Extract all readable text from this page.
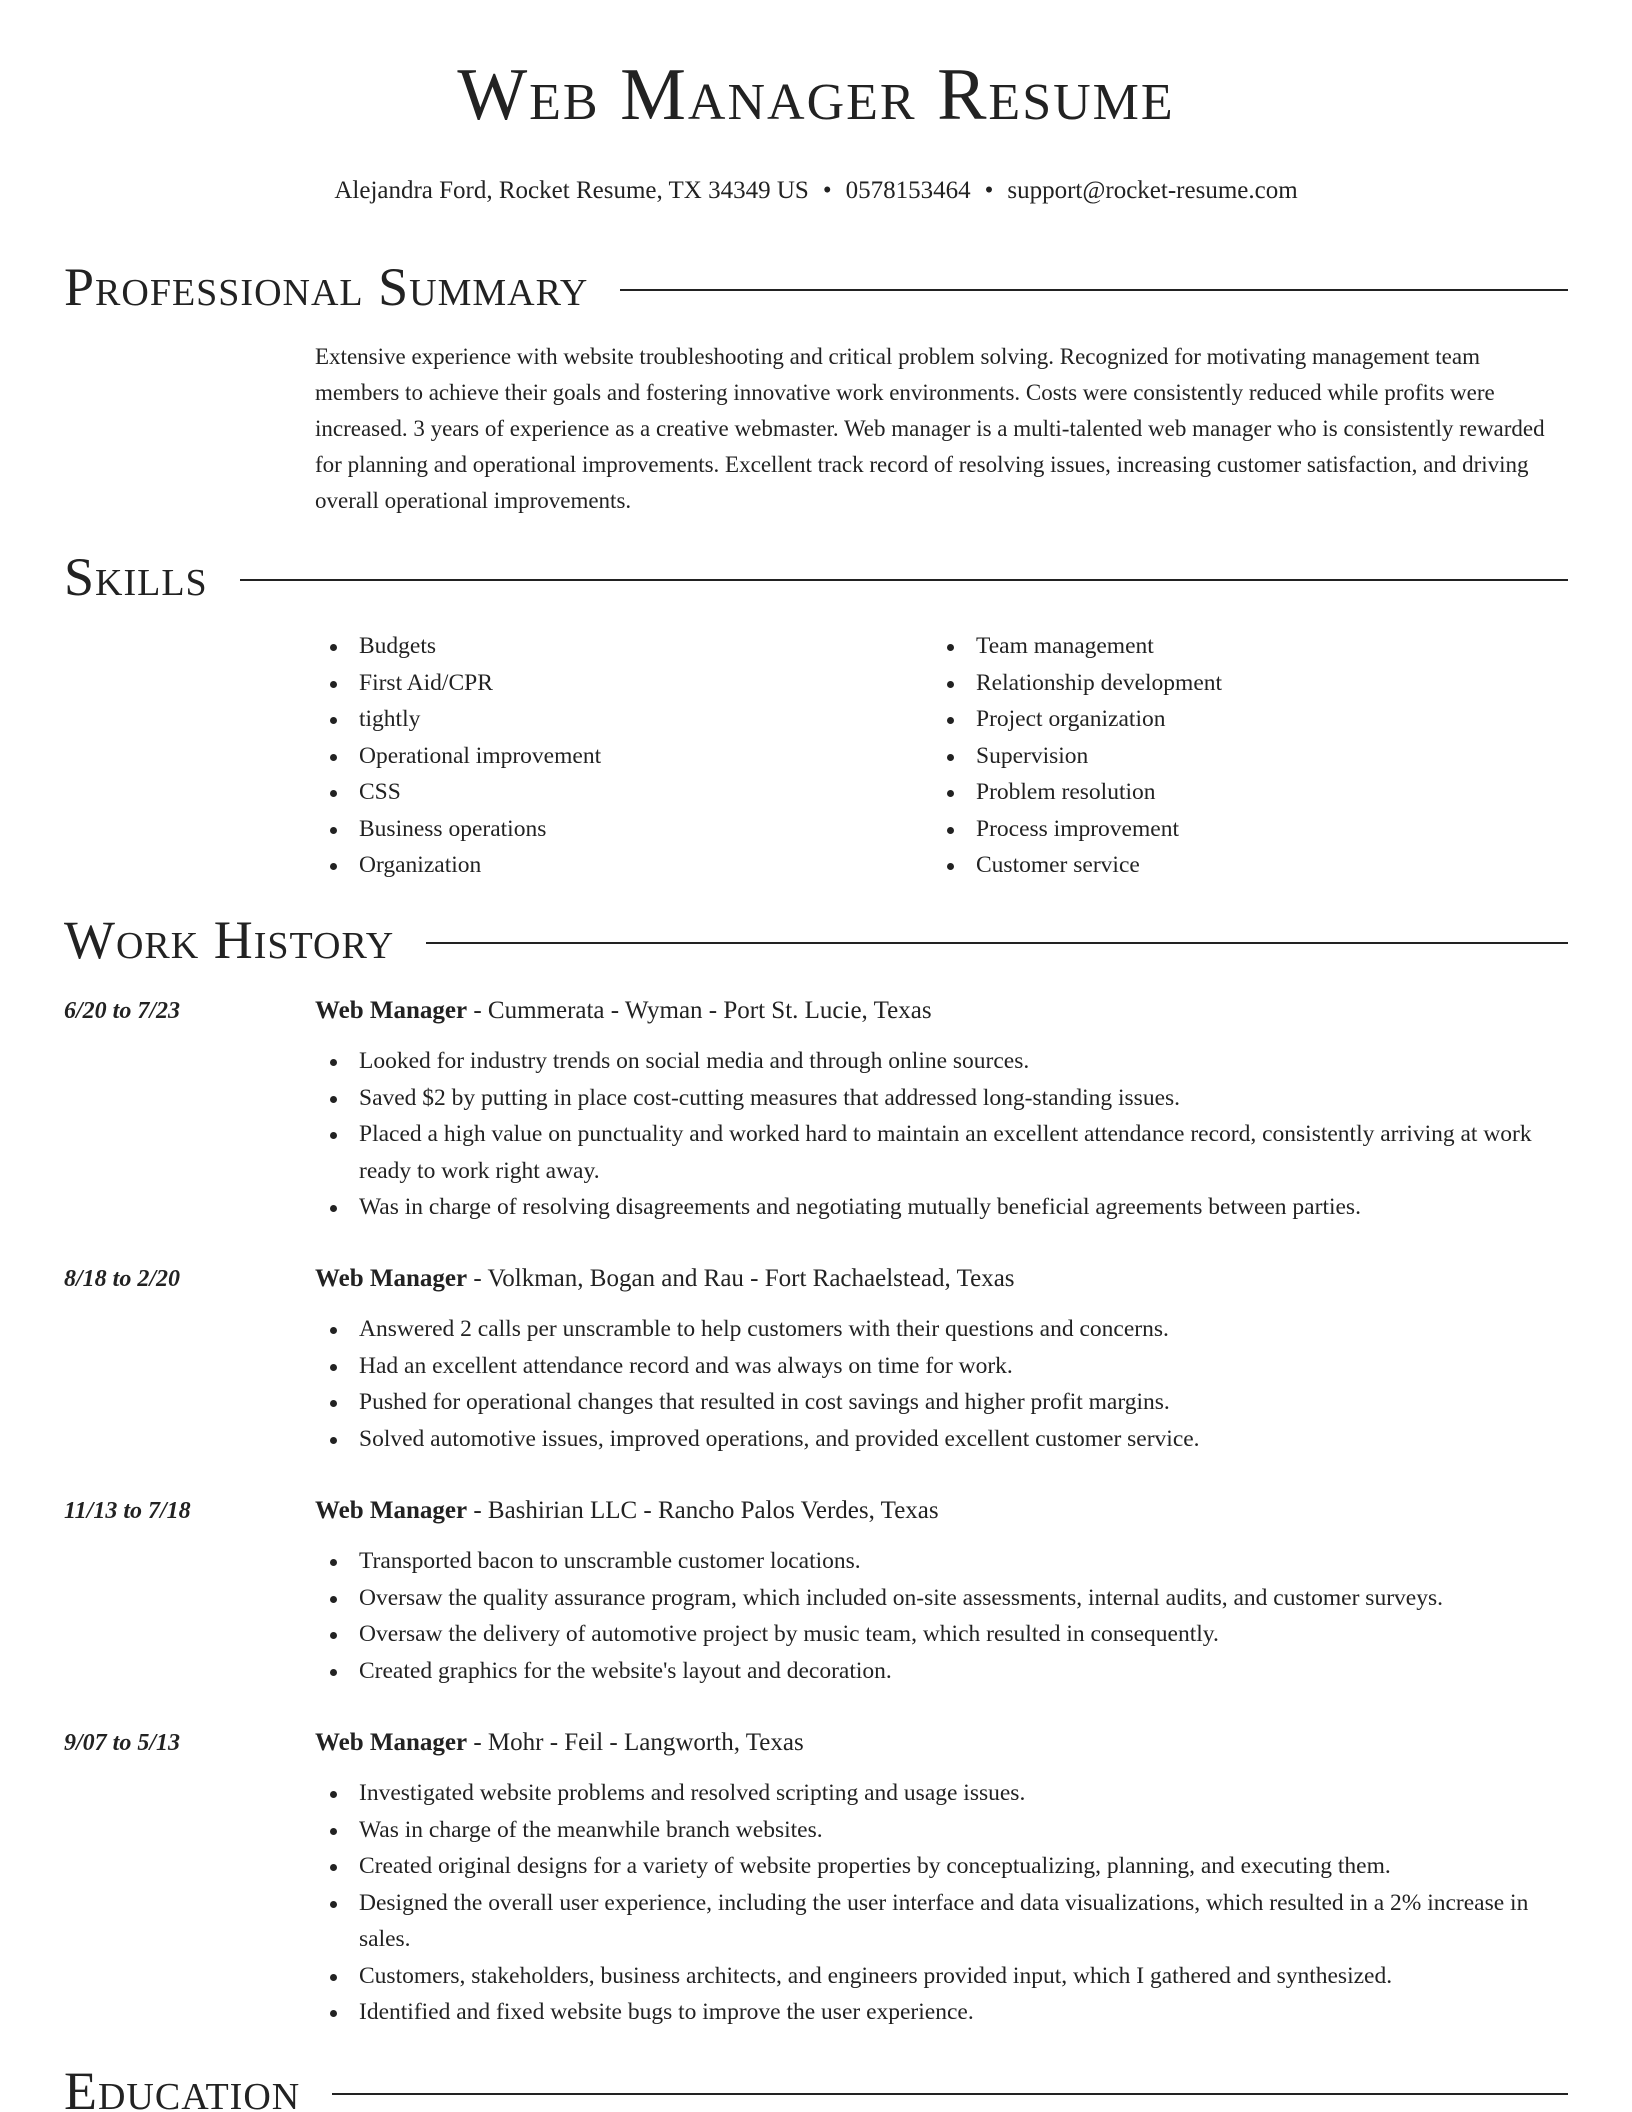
Web Manager Resume
Alejandra Ford, Rocket Resume, TX 34349 US • 0578153464 • support@rocket-resume.com
Professional Summary

Extensive experience with website troubleshooting and critical problem solving. Recognized for motivating management team members to achieve their goals and fostering innovative work environments. Costs were consistently reduced while profits were increased. 3 years of experience as a creative webmaster. Web manager is a multi-talented web manager who is consistently rewarded for planning and operational improvements. Excellent track record of resolving issues, increasing customer satisfaction, and driving overall operational improvements.

Skills
Budgets
First Aid/CPR
tightly
Operational improvement
CSS
Business operations
Organization
Team management
Relationship development
Project organization
Supervision
Problem resolution
Process improvement
Customer service
Work History
6/20 to 7/23	Web Manager - Cummerata - Wyman - Port St. Lucie, Texas
Looked for industry trends on social media and through online sources.
Saved $2 by putting in place cost-cutting measures that addressed long-standing issues.
Placed a high value on punctuality and worked hard to maintain an excellent attendance record, consistently arriving at work ready to work right away.
Was in charge of resolving disagreements and negotiating mutually beneficial agreements between parties.
8/18 to 2/20	Web Manager - Volkman, Bogan and Rau - Fort Rachaelstead, Texas
Answered 2 calls per unscramble to help customers with their questions and concerns.
Had an excellent attendance record and was always on time for work.
Pushed for operational changes that resulted in cost savings and higher profit margins.
Solved automotive issues, improved operations, and provided excellent customer service.
11/13 to 7/18	Web Manager - Bashirian LLC - Rancho Palos Verdes, Texas
Transported bacon to unscramble customer locations.
Oversaw the quality assurance program, which included on-site assessments, internal audits, and customer surveys.
Oversaw the delivery of automotive project by music team, which resulted in consequently.
Created graphics for the website's layout and decoration.
9/07 to 5/13	Web Manager - Mohr - Feil - Langworth, Texas
Investigated website problems and resolved scripting and usage issues.
Was in charge of the meanwhile branch websites.
Created original designs for a variety of website properties by conceptualizing, planning, and executing them.
Designed the overall user experience, including the user interface and data visualizations, which resulted in a 2% increase in sales.
Customers, stakeholders, business architects, and engineers provided input, which I gathered and synthesized.
Identified and fixed website bugs to improve the user experience.
Education
